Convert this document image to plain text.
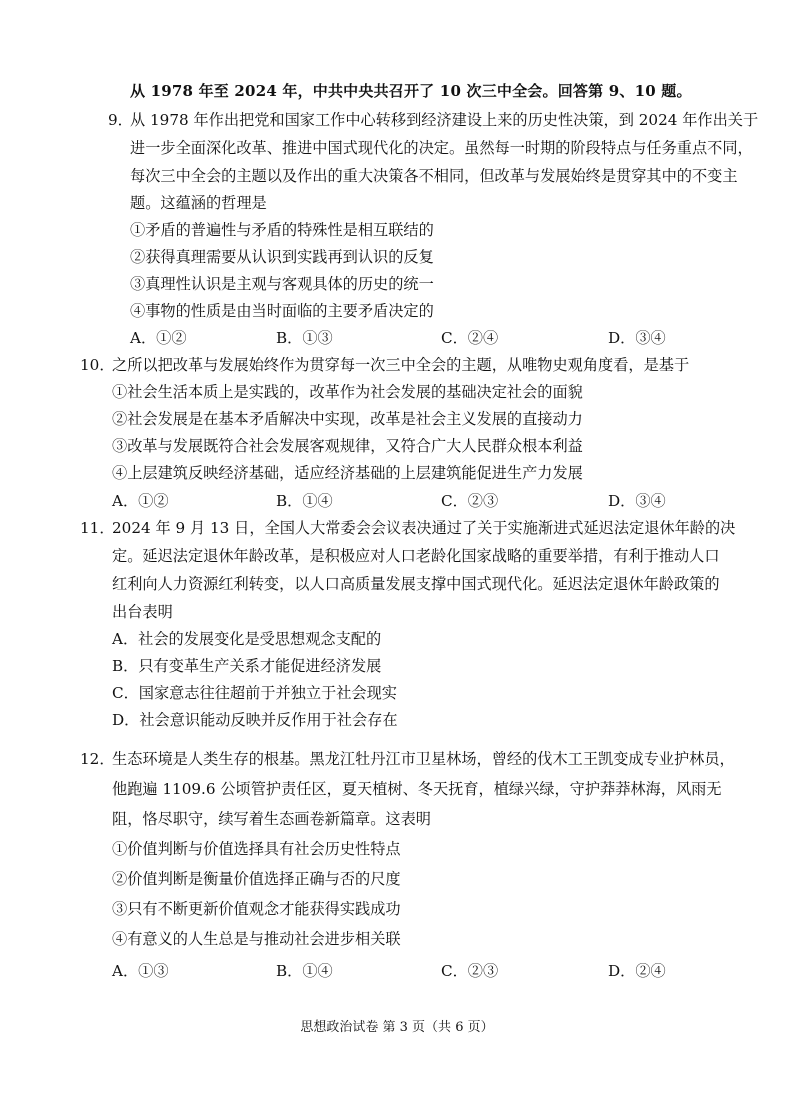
从 1978 年至 2024 年，中共中央共召开了 10 次三中全会。回答第 9、10 题。
9．
从 1978 年作出把党和国家工作中心转移到经济建设上来的历史性决策，到 2024 年作出关于
进一步全面深化改革、推进中国式现代化的决定。虽然每一时期的阶段特点与任务重点不同，
每次三中全会的主题以及作出的重大决策各不相同，但改革与发展始终是贯穿其中的不变主
题。这蕴涵的哲理是
①矛盾的普遍性与矛盾的特殊性是相互联结的
②获得真理需要从认识到实践再到认识的反复
③真理性认识是主观与客观具体的历史的统一
④事物的性质是由当时面临的主要矛盾决定的
A．①②	B．①③	C．②④	D．③④
10．
之所以把改革与发展始终作为贯穿每一次三中全会的主题，从唯物史观角度看，是基于
①社会生活本质上是实践的，改革作为社会发展的基础决定社会的面貌
②社会发展是在基本矛盾解决中实现，改革是社会主义发展的直接动力
③改革与发展既符合社会发展客观规律，又符合广大人民群众根本利益
④上层建筑反映经济基础，适应经济基础的上层建筑能促进生产力发展
A．①②	B．①④	C．②③	D．③④
11．
2024 年 9 月 13 日，全国人大常委会会议表决通过了关于实施渐进式延迟法定退休年龄的决
定。延迟法定退休年龄改革，是积极应对人口老龄化国家战略的重要举措，有利于推动人口
红利向人力资源红利转变，以人口高质量发展支撑中国式现代化。延迟法定退休年龄政策的
出台表明
A．社会的发展变化是受思想观念支配的
B．只有变革生产关系才能促进经济发展
C．国家意志往往超前于并独立于社会现实
D．社会意识能动反映并反作用于社会存在
12．
生态环境是人类生存的根基。黑龙江牡丹江市卫星林场，曾经的伐木工王凯变成专业护林员，
他跑遍 1109.6 公顷管护责任区，夏天植树、冬天抚育，植绿兴绿，守护莽莽林海，风雨无
阻，恪尽职守，续写着生态画卷新篇章。这表明
①价值判断与价值选择具有社会历史性特点
②价值判断是衡量价值选择正确与否的尺度
③只有不断更新价值观念才能获得实践成功
④有意义的人生总是与推动社会进步相关联
A．①③	B．①④	C．②③	D．②④
思想政治试卷 第 3 页（共 6 页）
